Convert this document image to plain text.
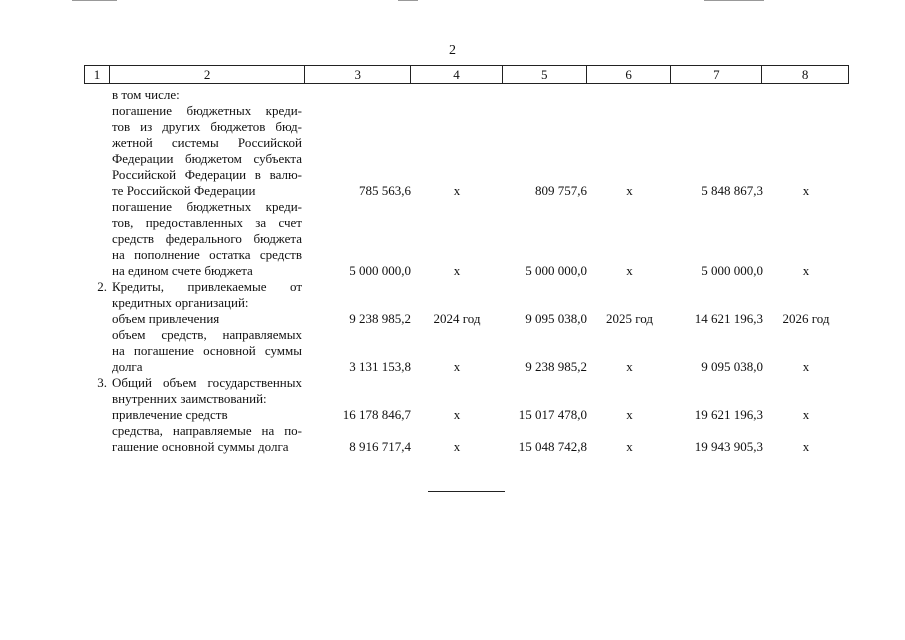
2
1	2	3	4	5	6	7	8
в том числе:
погашение бюджетных креди-
тов из других бюджетов бюд-
жетной системы Российской
Федерации бюджетом субъекта
Российской Федерации в валю-
те Российской Федерации	785 563,6	х	809 757,6	х	5 848 867,3	х
погашение бюджетных креди-
тов, предоставленных за счет
средств федерального бюджета
на пополнение остатка средств
на едином счете бюджета	5 000 000,0	х	5 000 000,0	х	5 000 000,0	х
2. Кредиты, привлекаемые от
кредитных организаций:
объем привлечения	9 238 985,2	2024 год	9 095 038,0	2025 год	14 621 196,3	2026 год
объем средств, направляемых
на погашение основной суммы
долга	3 131 153,8	х	9 238 985,2	х	9 095 038,0	х
3. Общий объем государственных
внутренних заимствований:
привлечение средств	16 178 846,7	х	15 017 478,0	х	19 621 196,3	х
средства, направляемые на по-
гашение основной суммы долга	8 916 717,4	х	15 048 742,8	х	19 943 905,3	х
